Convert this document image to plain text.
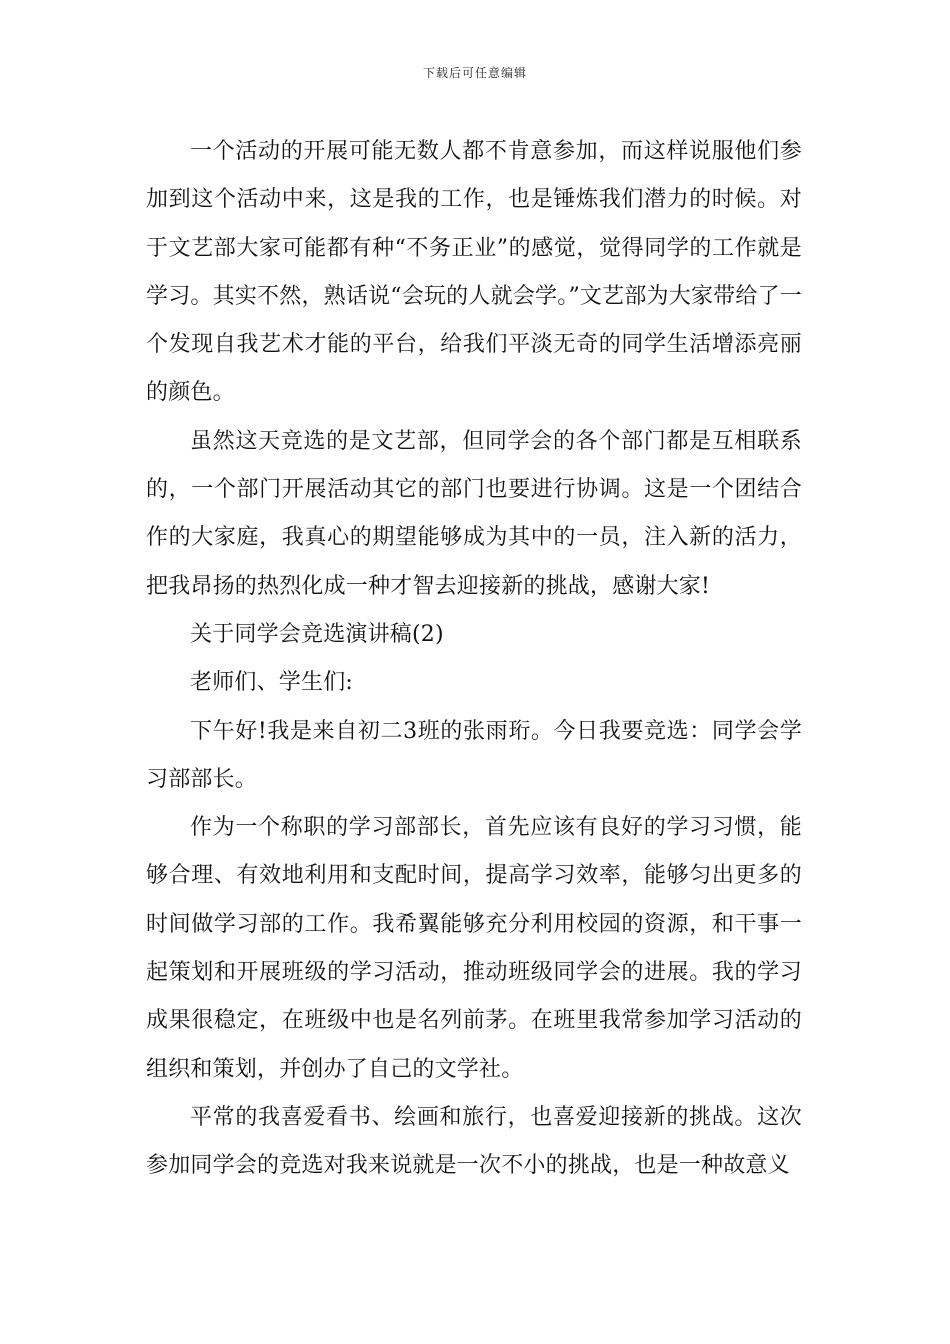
下载后可任意编辑

一个活动的开展可能无数人都不肯意参加，而这样说服他们参加到这个活动中来，这是我的工作，也是锤炼我们潜力的时候。对于文艺部大家可能都有种“不务正业”的感觉，觉得同学的工作就是学习。其实不然，熟话说“会玩的人就会学。”文艺部为大家带给了一个发现自我艺术才能的平台，给我们平淡无奇的同学生活增添亮丽的颜色。

虽然这天竞选的是文艺部，但同学会的各个部门都是互相联系的，一个部门开展活动其它的部门也要进行协调。这是一个团结合作的大家庭，我真心的期望能够成为其中的一员，注入新的活力，把我昂扬的热烈化成一种才智去迎接新的挑战，感谢大家!

关于同学会竞选演讲稿(2)

老师们、学生们:

下午好!我是来自初二3班的张雨珩。今日我要竞选：同学会学习部部长。

作为一个称职的学习部部长，首先应该有良好的学习习惯，能够合理、有效地利用和支配时间，提高学习效率，能够匀出更多的时间做学习部的工作。我希翼能够充分利用校园的资源，和干事一起策划和开展班级的学习活动，推动班级同学会的进展。我的学习成果很稳定，在班级中也是名列前茅。在班里我常参加学习活动的组织和策划，并创办了自己的文学社。

平常的我喜爱看书、绘画和旅行，也喜爱迎接新的挑战。这次参加同学会的竞选对我来说就是一次不小的挑战，也是一种故意义
